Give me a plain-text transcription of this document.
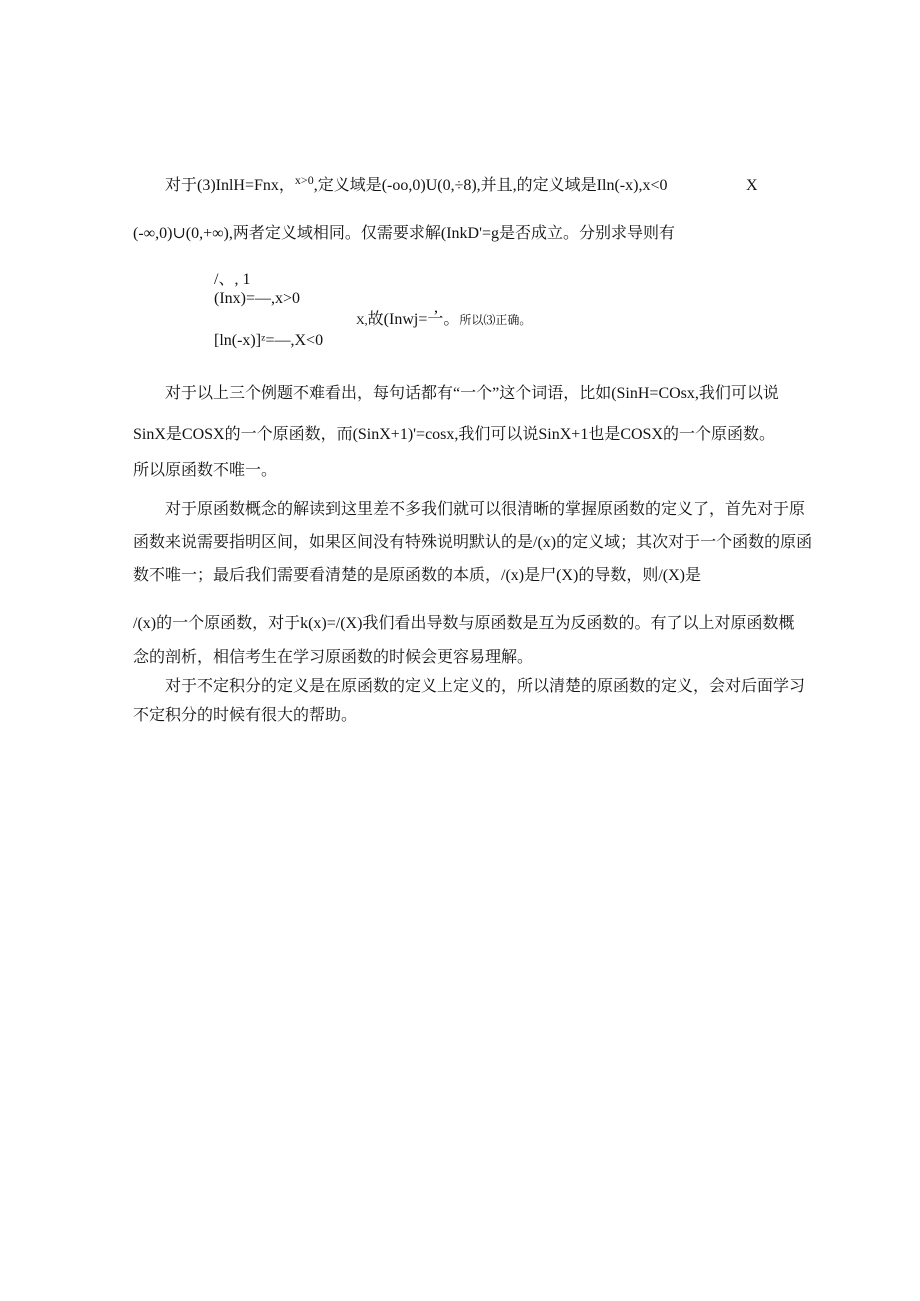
对于(3)InlH=Fnx，$^{x>0}$,定义域是(-oo,0)U(0,÷8),并且,的定义域是Iln(-x),x<0	X
(-∞,0)∪(0,+∞),两者定义域相同。仅需要求解(InkD'=g是否成立。分别求导则有
/、, 1
(Inx)=—,x>0
,
X,故(Inwj=一。所以⑶正确。
[ln(-x)]ᶻ=—,X<0
对于以上三个例题不难看出，每句话都有“一个”这个词语，比如(SinH=COsx,我们可以说
SinX是COSX的一个原函数，而(SinX+1)'=cosx,我们可以说SinX+1也是COSX的一个原函数。
所以原函数不唯一。
对于原函数概念的解读到这里差不多我们就可以很清晰的掌握原函数的定义了，首先对于原
函数来说需要指明区间，如果区间没有特殊说明默认的是/(x)的定义域；其次对于一个函数的原函
数不唯一；最后我们需要看清楚的是原函数的本质，/(x)是尸(X)的导数，则/(X)是
/(x)的一个原函数，对于k(x)=/(X)我们看出导数与原函数是互为反函数的。有了以上对原函数概
念的剖析，相信考生在学习原函数的时候会更容易理解。
对于不定积分的定义是在原函数的定义上定义的，所以清楚的原函数的定义，会对后面学习
不定积分的时候有很大的帮助。
